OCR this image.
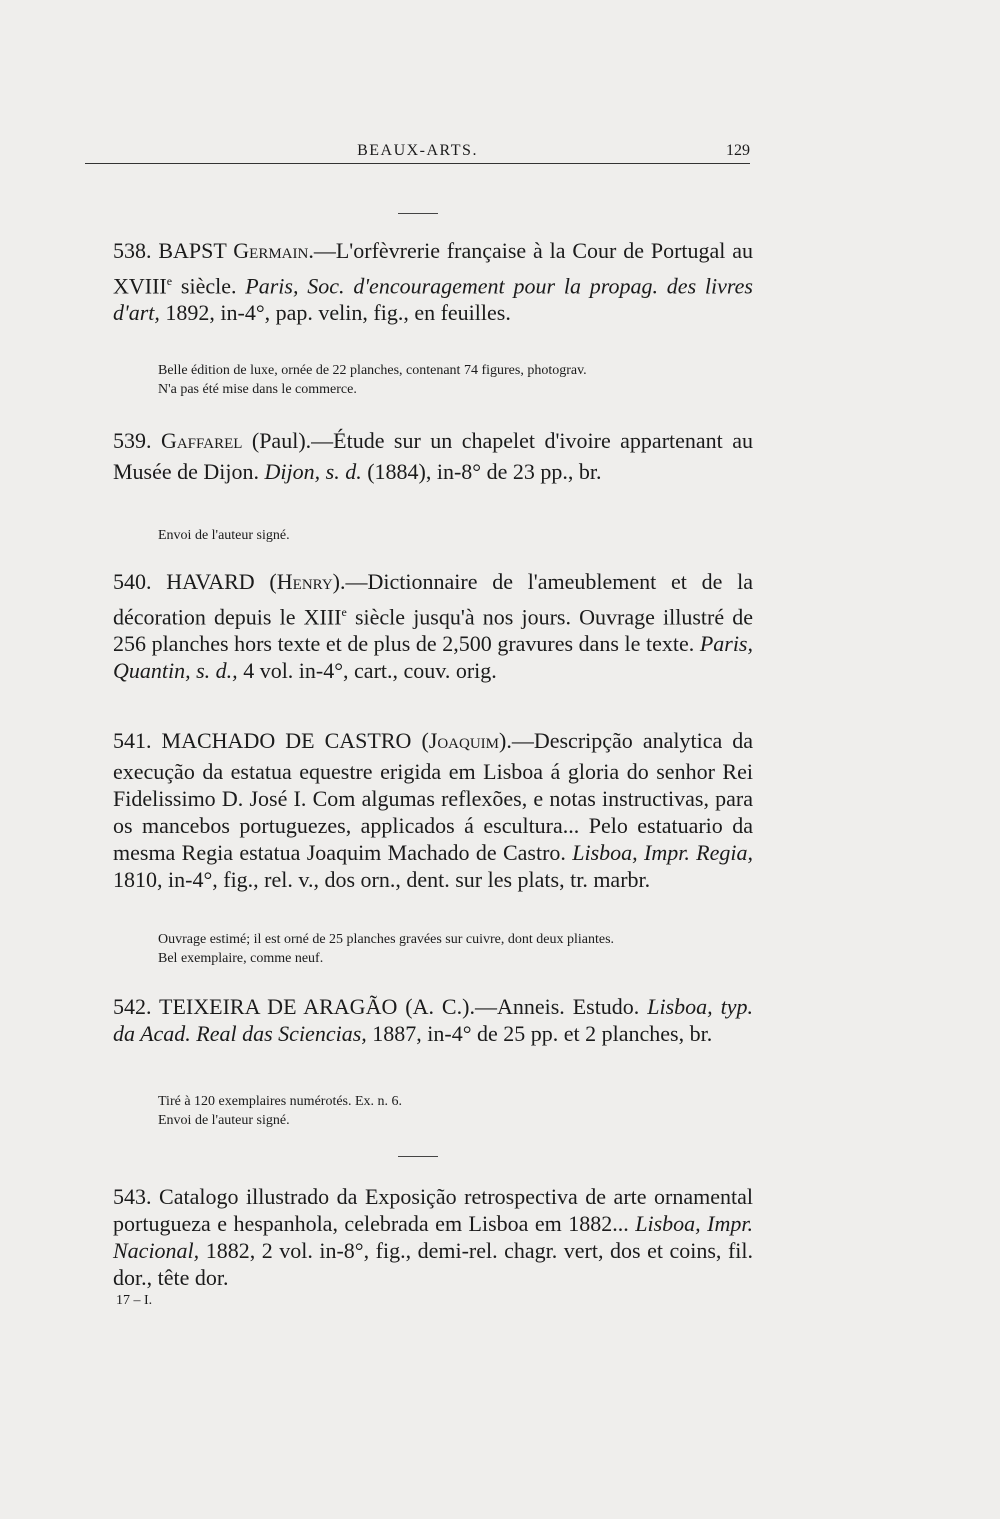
BEAUX-ARTS.	129
538. BAPST GERMAIN.—L'orfèvrerie française à la Cour de Portugal au XVIIIe siècle. Paris, Soc. d'encouragement pour la propag. des livres d'art, 1892, in-4°, pap. velin, fig., en feuilles.

Belle édition de luxe, ornée de 22 planches, contenant 74 figures, photograv.

N'a pas été mise dans le commerce.

539. GAFFAREL (Paul).—Étude sur un chapelet d'ivoire appartenant au Musée de Dijon. Dijon, s. d. (1884), in-8° de 23 pp., br.

Envoi de l'auteur signé.

540. HAVARD (HENRY).—Dictionnaire de l'ameublement et de la décoration depuis le XIIIe siècle jusqu'à nos jours. Ouvrage illustré de 256 planches hors texte et de plus de 2,500 gravures dans le texte. Paris, Quantin, s. d., 4 vol. in-4°, cart., couv. orig.
541. MACHADO DE CASTRO (JOAQUIM).—Descripção analytica da execução da estatua equestre erigida em Lisboa á gloria do senhor Rei Fidelissimo D. José I. Com algumas reflexões, e notas instructivas, para os mancebos portuguezes, applicados á escultura... Pelo estatuario da mesma Regia estatua Joaquim Machado de Castro. Lisboa, Impr. Regia, 1810, in-4°, fig., rel. v., dos orn., dent. sur les plats, tr. marbr.

Ouvrage estimé; il est orné de 25 planches gravées sur cuivre, dont deux pliantes.

Bel exemplaire, comme neuf.

542. TEIXEIRA DE ARAGÃO (A. C.).—Anneis. Estudo. Lisboa, typ. da Acad. Real das Sciencias, 1887, in-4° de 25 pp. et 2 planches, br.

Tiré à 120 exemplaires numérotés. Ex. n. 6.

Envoi de l'auteur signé.

543. Catalogo illustrado da Exposição retrospectiva de arte ornamental portugueza e hespanhola, celebrada em Lisboa em 1882... Lisboa, Impr. Nacional, 1882, 2 vol. in-8°, fig., demi-rel. chagr. vert, dos et coins, fil. dor., tête dor.
17 – I.
